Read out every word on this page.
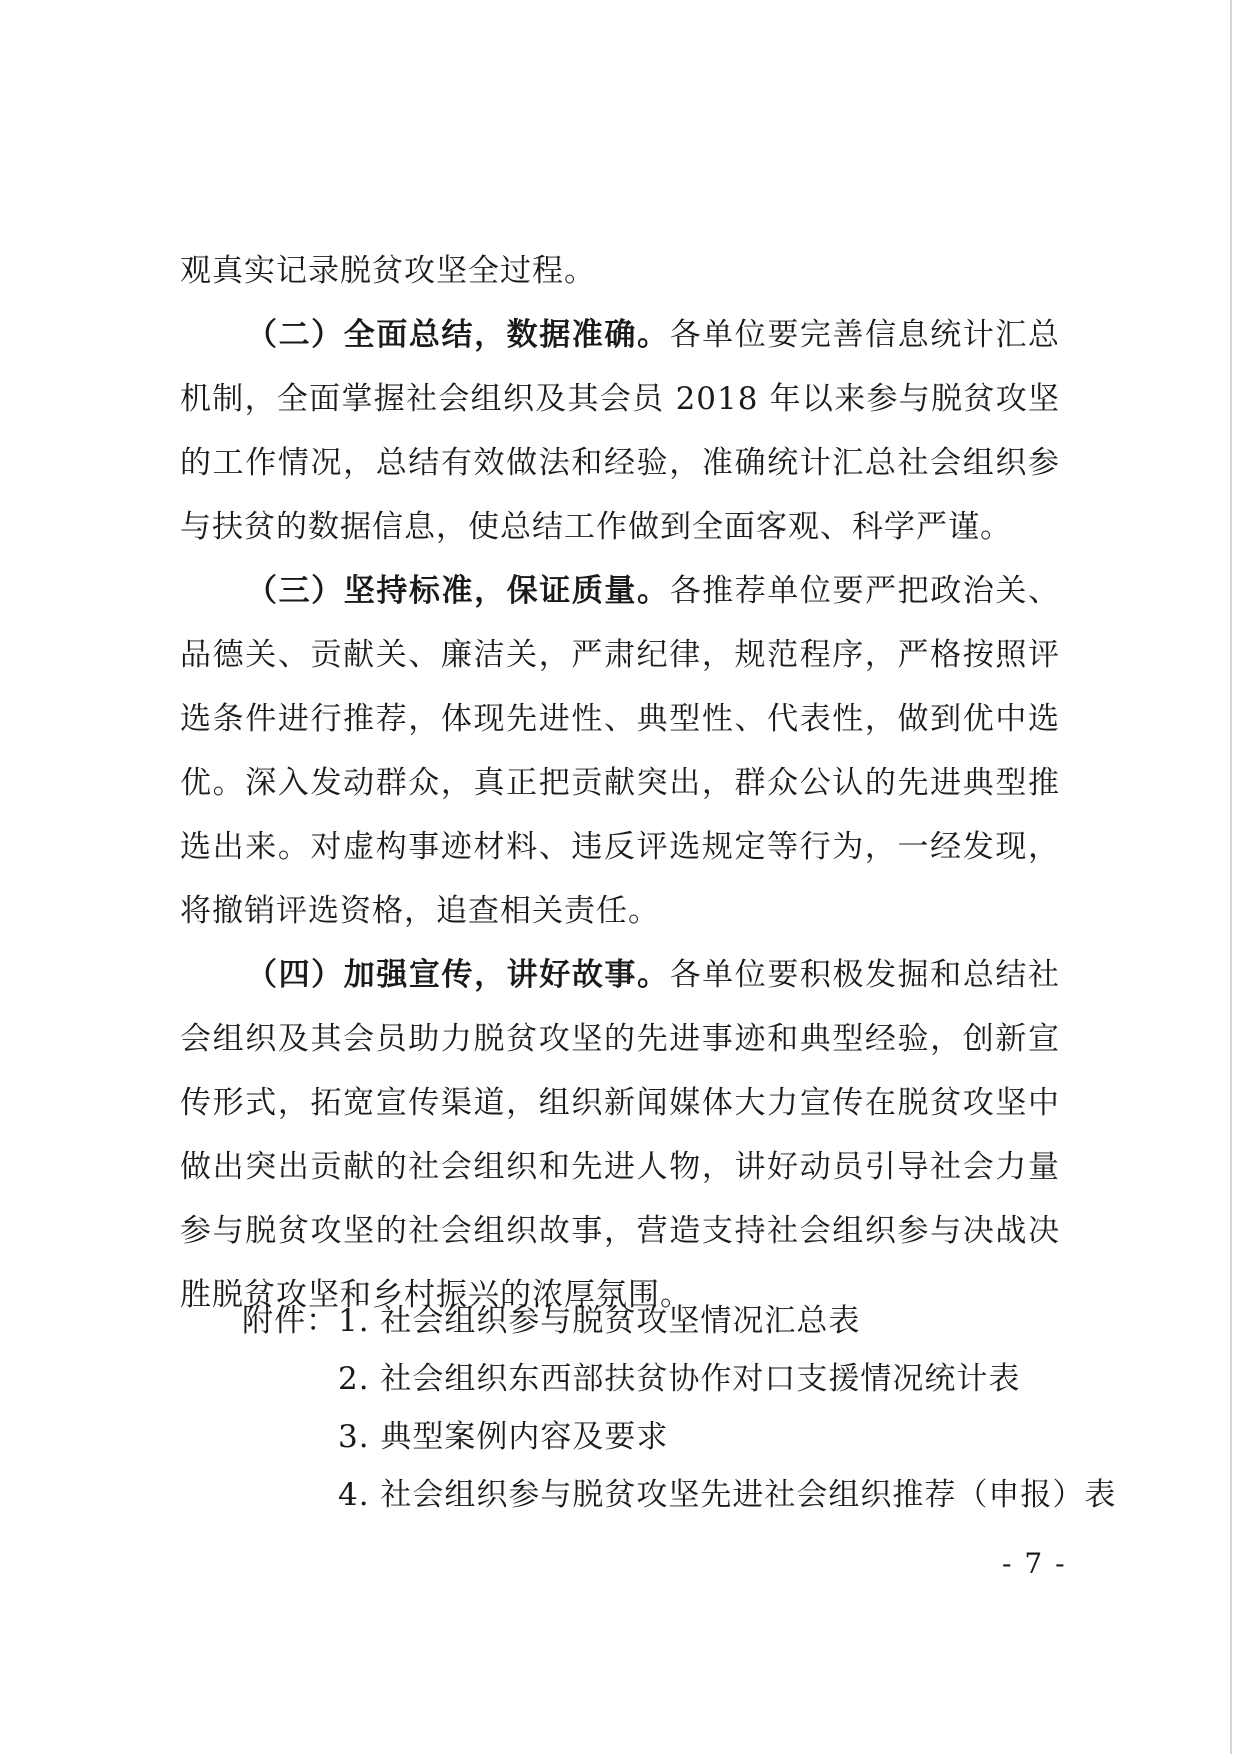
观真实记录脱贫攻坚全过程。

（二）全面总结，数据准确。各单位要完善信息统计汇总机制，全面掌握社会组织及其会员 2018 年以来参与脱贫攻坚的工作情况，总结有效做法和经验，准确统计汇总社会组织参与扶贫的数据信息，使总结工作做到全面客观、科学严谨。

（三）坚持标准，保证质量。各推荐单位要严把政治关、品德关、贡献关、廉洁关，严肃纪律，规范程序，严格按照评选条件进行推荐，体现先进性、典型性、代表性，做到优中选优。深入发动群众，真正把贡献突出，群众公认的先进典型推选出来。对虚构事迹材料、违反评选规定等行为，一经发现，将撤销评选资格，追查相关责任。

（四）加强宣传，讲好故事。各单位要积极发掘和总结社会组织及其会员助力脱贫攻坚的先进事迹和典型经验，创新宣传形式，拓宽宣传渠道，组织新闻媒体大力宣传在脱贫攻坚中做出突出贡献的社会组织和先进人物，讲好动员引导社会力量参与脱贫攻坚的社会组织故事，营造支持社会组织参与决战决胜脱贫攻坚和乡村振兴的浓厚氛围。

附件： 1. 社会组织参与脱贫攻坚情况汇总表
2. 社会组织东西部扶贫协作对口支援情况统计表
3. 典型案例内容及要求
4. 社会组织参与脱贫攻坚先进社会组织推荐（申报）表
- 7 -
